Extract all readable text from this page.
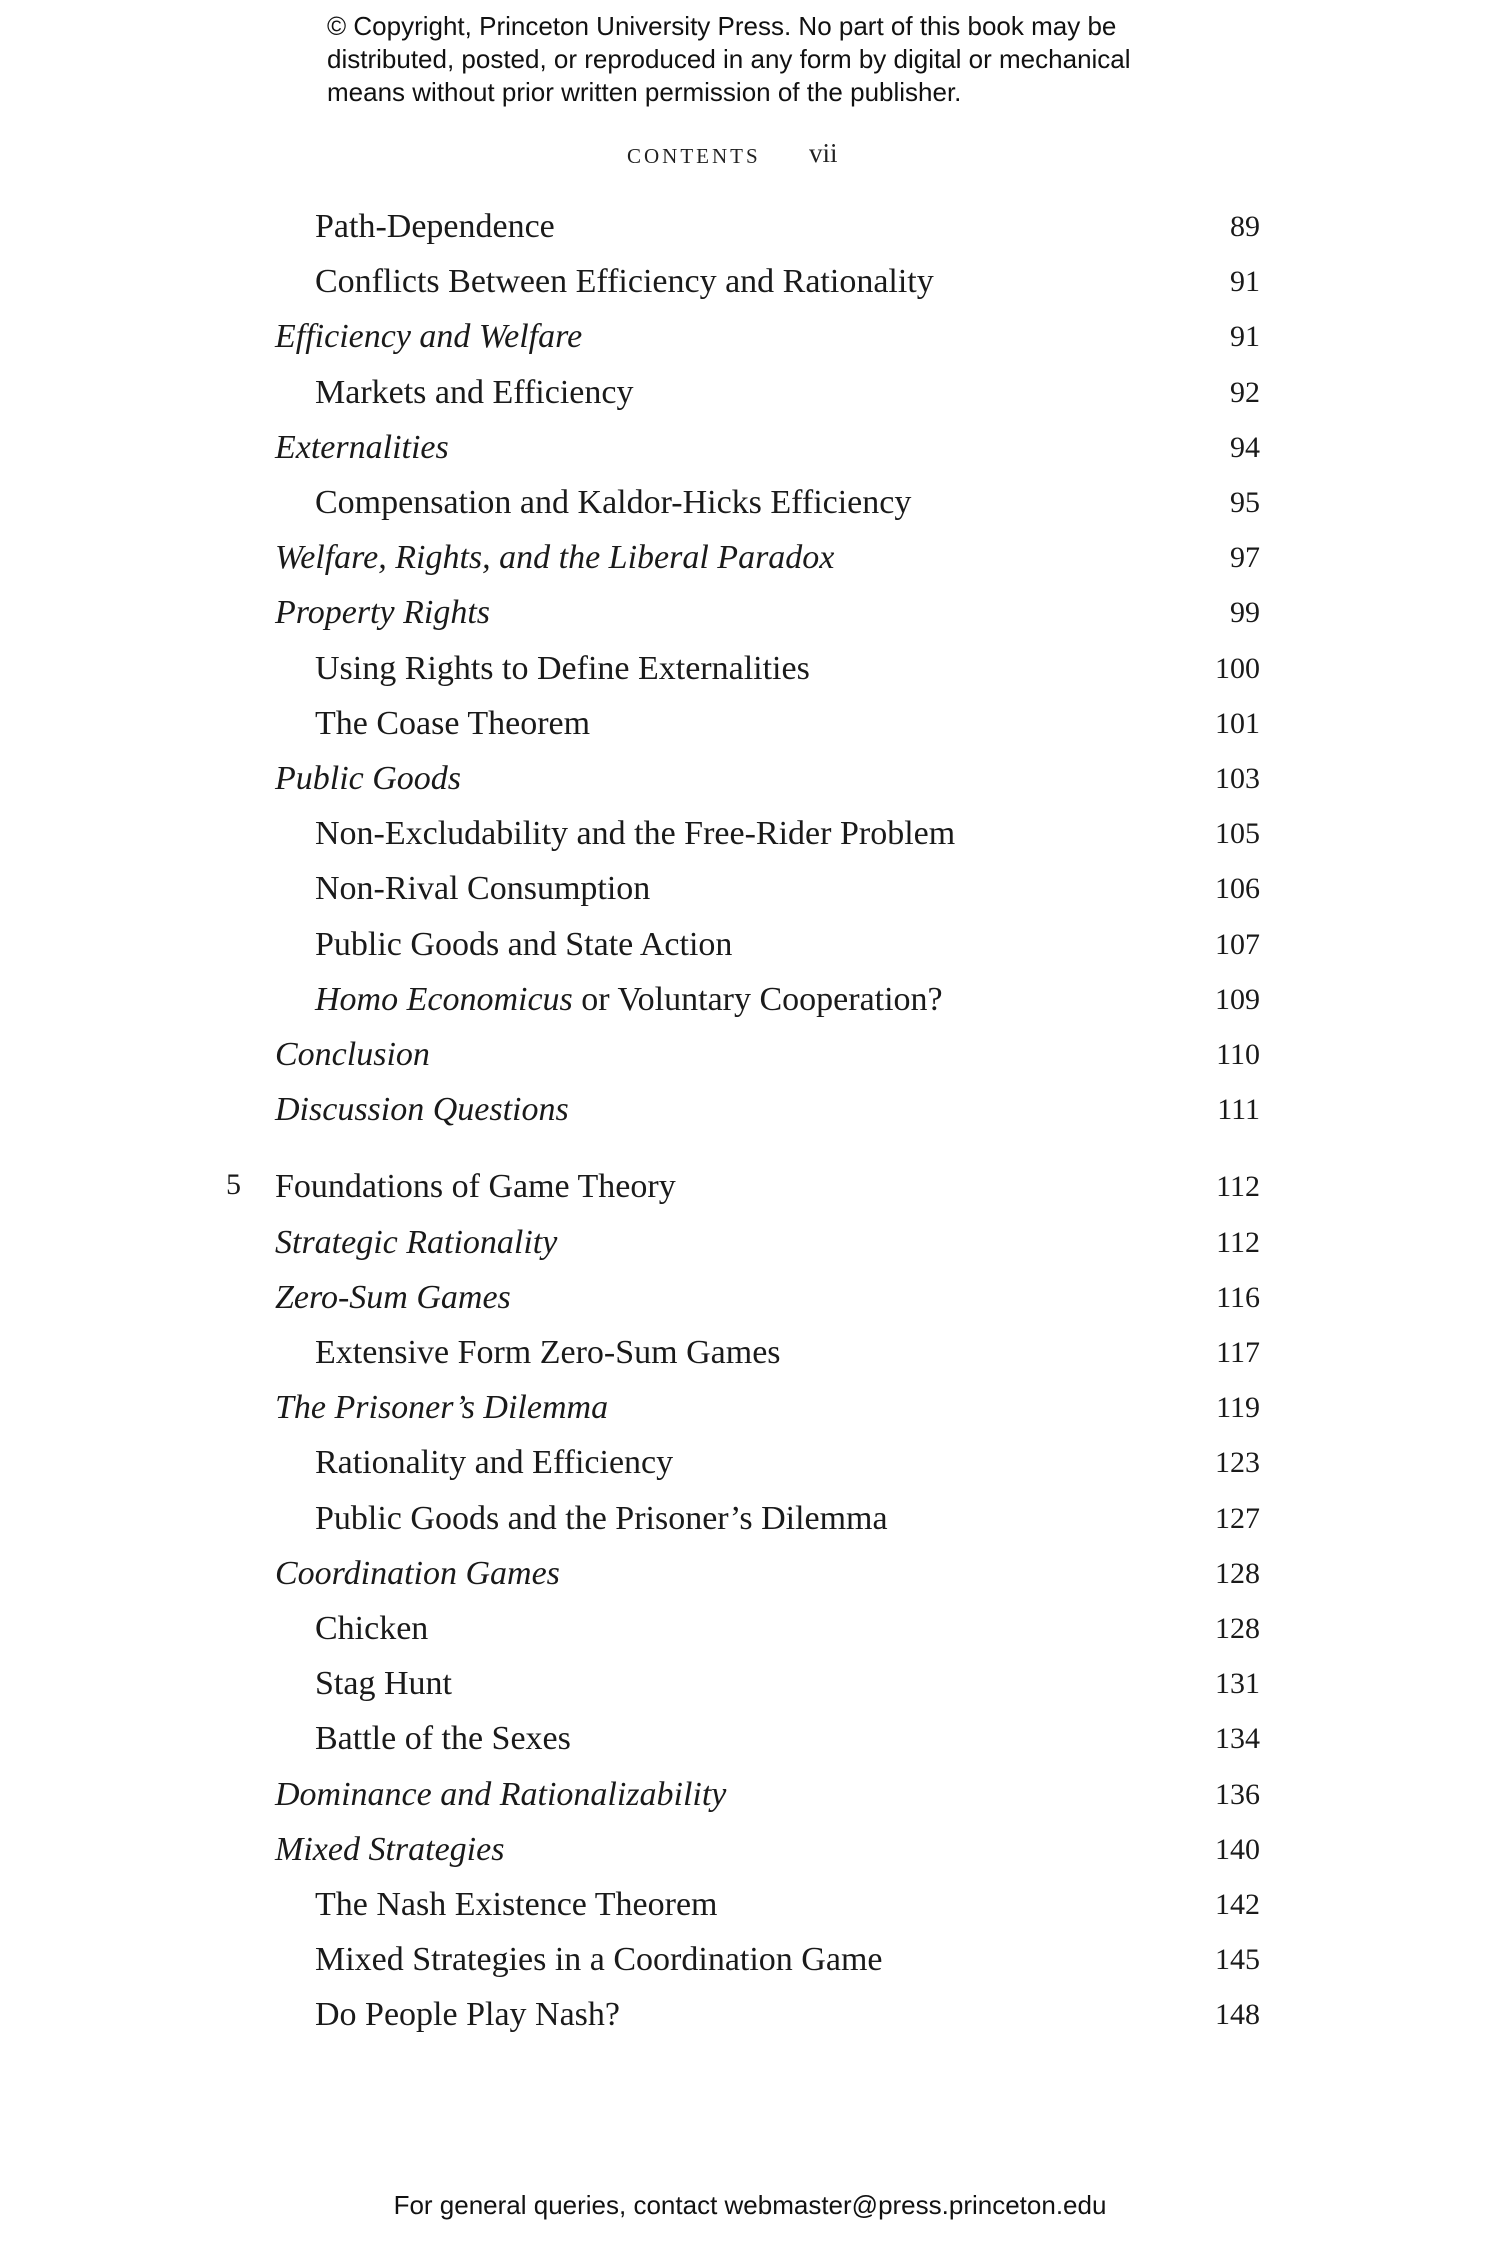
© Copyright, Princeton University Press. No part of this book may be
distributed, posted, or reproduced in any form by digital or mechanical
means without prior written permission of the publisher.
CONTENTS vii
Path-Dependence	89
Conflicts Between Efficiency and Rationality	91
Efficiency and Welfare	91
Markets and Efficiency	92
Externalities	94
Compensation and Kaldor-Hicks Efficiency	95
Welfare, Rights, and the Liberal Paradox	97
Property Rights	99
Using Rights to Define Externalities	100
The Coase Theorem	101
Public Goods	103
Non-Excludability and the Free-Rider Problem	105
Non-Rival Consumption	106
Public Goods and State Action	107
Homo Economicus or Voluntary Cooperation?	109
Conclusion	110
Discussion Questions	111
5 Foundations of Game Theory	112
Strategic Rationality	112
Zero-Sum Games	116
Extensive Form Zero-Sum Games	117
The Prisoner’s Dilemma	119
Rationality and Efficiency	123
Public Goods and the Prisoner’s Dilemma	127
Coordination Games	128
Chicken	128
Stag Hunt	131
Battle of the Sexes	134
Dominance and Rationalizability	136
Mixed Strategies	140
The Nash Existence Theorem	142
Mixed Strategies in a Coordination Game	145
Do People Play Nash?	148
For general queries, contact webmaster@press.princeton.edu
